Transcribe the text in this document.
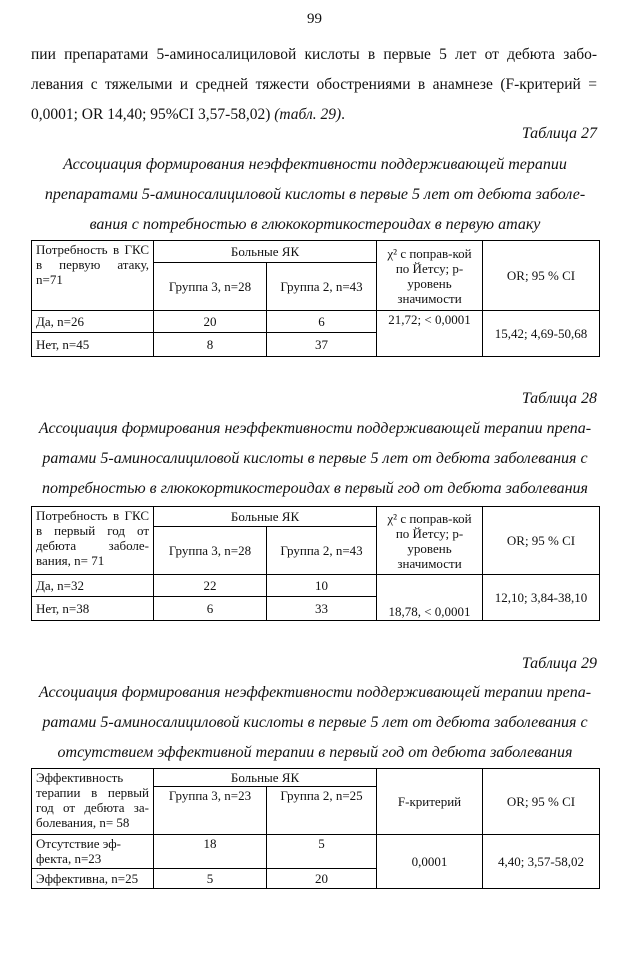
99
пии препаратами 5-аминосалициловой кислоты в первые 5 лет от дебюта забо- левания с тяжелыми и средней тяжести обострениями в анамнезе (F-критерий = 0,0001; OR 14,40; 95%CI 3,57-58,02) (табл. 29).
Таблица 27
Ассоциация формирования неэффективности поддерживающей терапии
препаратами 5-аминосалициловой кислоты в первые 5 лет от дебюта заболе-
вания с потребностью в глюкокортикостероидах в первую атаку
Потребность в ГКС в первую атаку, n=71	Больные ЯК		χ² с поправ-кой по Йетсу; р-уровень значимости	OR; 95 % CI
	Группа 3, n=28	Группа 2, n=43		
Да, n=26	20	6	21,72; < 0,0001	15,42; 4,69-50,68
Нет, n=45	8	37		
Таблица 28
Ассоциация формирования неэффективности поддерживающей терапии препа-
ратами 5-аминосалициловой кислоты в первые 5 лет от дебюта заболевания с
потребностью в глюкокортикостероидах в первый год от дебюта заболевания
Потребность в ГКС в первый год от дебюта заболе-вания, n= 71	Больные ЯК		χ² с поправ-кой по Йетсу; р-уровень значимости	OR; 95 % CI
	Группа 3, n=28	Группа 2, n=43		
Да, n=32	22	10	18,78, < 0,0001	12,10; 3,84-38,10
Нет, n=38	6	33		
Таблица 29
Ассоциация формирования неэффективности поддерживающей терапии препа-
ратами 5-аминосалициловой кислоты в первые 5 лет от дебюта заболевания с
отсутствием эффективной терапии в первый год от дебюта заболевания
Эффективность терапии в первый год от дебюта за-болевания, n= 58	Больные ЯК		F-критерий	OR; 95 % CI
	Группа 3, n=23	Группа 2, n=25		
Отсутствие эф-фекта, n=23	18	5	0,0001	4,40; 3,57-58,02
Эффективна, n=25	5	20		
